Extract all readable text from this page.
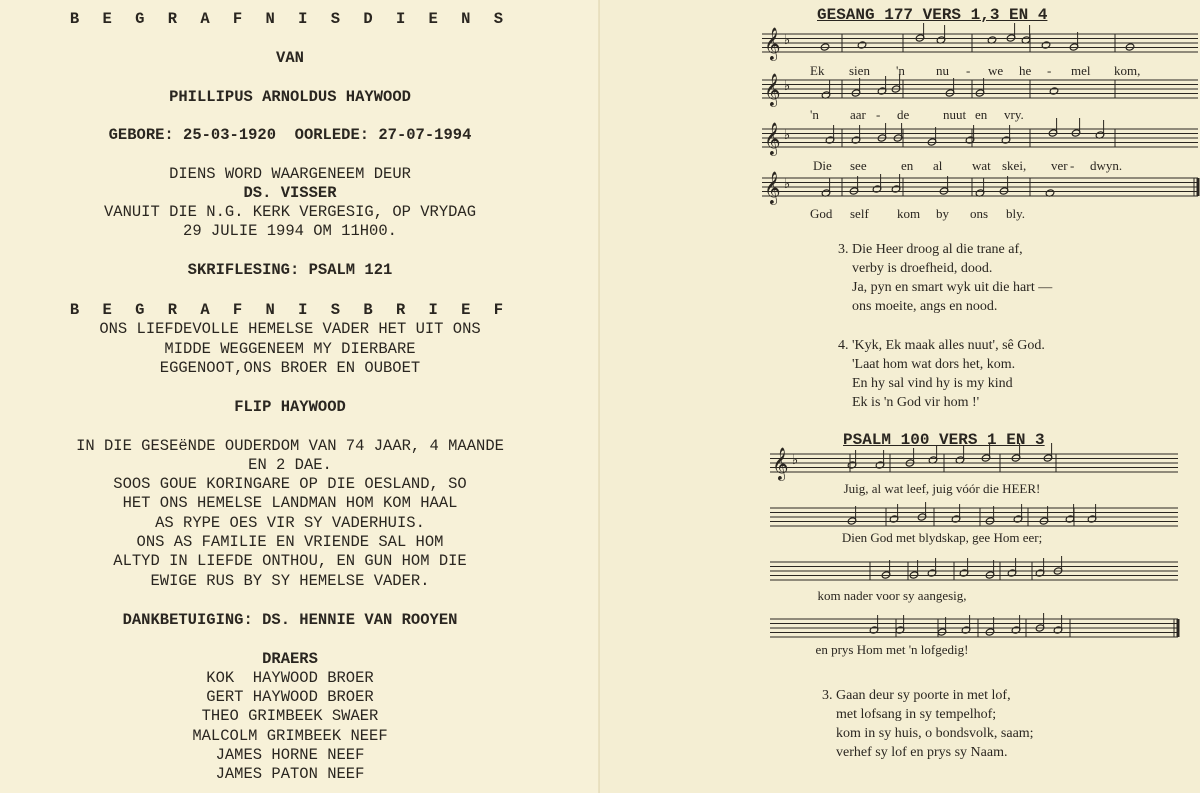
B E G R A F N I S D I E N S
VAN
PHILLIPUS ARNOLDUS HAYWOOD
GEBORE: 25-03-1920  OORLEDE: 27-07-1994
DIENS WORD WAARGENEEM DEUR
DS. VISSER
VANUIT DIE N.G. KERK VERGESIG, OP VRYDAG
29 JULIE 1994 OM 11H00.
SKRIFLESING: PSALM 121
B E G R A F N I S B R I E F
ONS LIEFDEVOLLE HEMELSE VADER HET UIT ONS
MIDDE WEGGENEEM MY DIERBARE
EGGENOOT,ONS BROER EN OUBOET
FLIP HAYWOOD
IN DIE GESEëNDE OUDERDOM VAN 74 JAAR, 4 MAANDE
EN 2 DAE.
SOOS GOUE KORINGARE OP DIE OESLAND, SO
HET ONS HEMELSE LANDMAN HOM KOM HAAL
AS RYPE OES VIR SY VADERHUIS.
ONS AS FAMILIE EN VRIENDE SAL HOM
ALTYD IN LIEFDE ONTHOU, EN GUN HOM DIE
EWIGE RUS BY SY HEMELSE VADER.
DANKBETUIGING: DS. HENNIE VAN ROOYEN
DRAERS
KOK  HAYWOOD BROER
GERT HAYWOOD BROER
THEO GRIMBEEK SWAER
MALCOLM GRIMBEEK NEEF
JAMES HORNE NEEF
JAMES PATON NEEF
𝄞 ♭
𝄞 ♭
𝄞 ♭
𝄞 ♭
𝄞 ♭
GESANG 177 VERS 1,3 EN 4
Ek sien 'n nu - we he - mel kom,
'n aar - de	nuut en vry.
Die see	en al wat skei, ver - dwyn.
God self kom by ons bly.
3. Die Heer droog al die trane af,
verby is droefheid, dood.
Ja, pyn en smart wyk uit die hart —
ons moeite, angs en nood.
4. 'Kyk, Ek maak alles nuut', sê God.
'Laat hom wat dors het, kom.
En hy sal vind hy is my kind
Ek is 'n God vir hom !'
PSALM 100 VERS 1 EN 3
Juig, al wat leef, juig vóór die HEER!
Dien God met blydskap, gee Hom eer;
kom nader voor sy aangesig,
en prys Hom met 'n lofgedig!
3. Gaan deur sy poorte in met lof,
met lofsang in sy tempelhof;
kom in sy huis, o bondsvolk, saam;
verhef sy lof en prys sy Naam.
